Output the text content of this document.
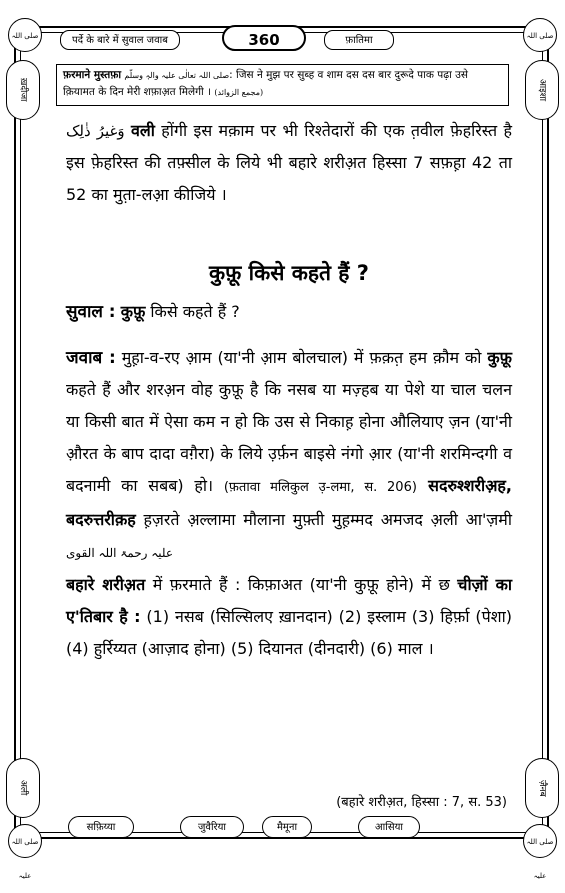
पर्दे के बारे में सुवाल जवाब	360	फ़ातिमा
صلی اللہ	صلی اللہ
صلی اللہ علیہ
صلی اللہ علیہ
ख़दीजा	आइशा
अली	ज़ैनब
सफ़िय्या	जुवैरिया	मैमूना	आसिया
फ़रमाने मुस्तफ़ा صلی اللہ تعالٰی علیہ والہٖ وسلّم: जिस ने मुझ पर सुब्ह व शाम दस दस बार दुरूदे पाक पढ़ा उसे क़ियामत के दिन मेरी शफ़ाअ़त मिलेगी । (مجمع الزوائد)

وَغیرُ ذٰلِک वली होंगी इस मक़ाम पर भी रिश्तेदारों की एक त़वील फ़ेहरिस्त है इस फ़ेहरिस्त की तफ़्सील के लिये भी बहारे शरीअ़त हिस्सा 7 सफ़ह़ा 42 ता 52 का मुत़ा-लआ़ कीजिये ।

कुफ़ू किसे कहते हैं ?
सुवाल : कुफ़ू किसे कहते हैं ?
जवाब : मुह़ा-व-रए आ़म (या'नी आ़म बोलचाल) में फ़क़त़ हम क़ौम को कुफ़ू कहते हैं और शरअ़न वोह कुफ़ू है कि नसब या मज़्हब या पेशे या चाल चलन या किसी बात में ऐसा कम न हो कि उस से निकाह़ होना औलियाए ज़न (या'नी औ़रत के बाप दादा वग़ैरा) के लिये उ़र्फ़न बाइसे नंगो आ़र (या'नी शरमिन्दगी व बदनामी का सबब) हो। (फ़तावा मलिकुल उ़-लमा, स. 206) सदरुश्शरीअ़ह, बदरुत्तरीक़ह ह़ज़रते अ़ल्लामा मौलाना मुफ़्ती मुह़म्मद अमजद अ़ली आ'ज़मी علیہ رحمۃ اللہ القوی
बहारे शरीअ़त में फ़रमाते हैं : किफ़ाअत (या'नी कुफ़ू होने) में छ चीज़ों का ए'तिबार है : (1) नसब (सिल्सिलए ख़ानदान) (2) इस्लाम (3) हिर्फ़ा (पेशा) (4) हुर्रिय्यत (आज़ाद होना) (5) दियानत (दीनदारी) (6) माल ।
(बहारे शरीअ़त, हिस्सा : 7, स. 53)
